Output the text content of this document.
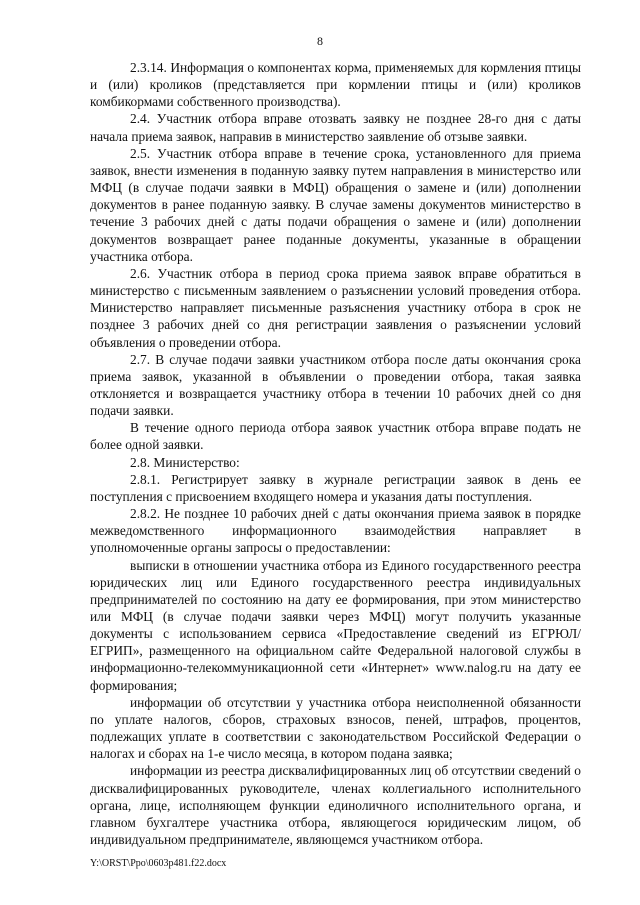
8

2.3.14. Информация о компонентах корма, применяемых для кормления птицы и (или) кроликов (представляется при кормлении птицы и (или) кроликов комбикормами собственного производства).

2.4. Участник отбора вправе отозвать заявку не позднее 28-го дня с даты начала приема заявок, направив в министерство заявление об отзыве заявки.

2.5. Участник отбора вправе в течение срока, установленного для приема заявок, внести изменения в поданную заявку путем направления в министерство или МФЦ (в случае подачи заявки в МФЦ) обращения о замене и (или) дополнении документов в ранее поданную заявку. В случае замены документов министерство в течение 3 рабочих дней с даты подачи обращения о замене и (или) дополнении документов возвращает ранее поданные документы, указанные в обращении участника отбора.

2.6. Участник отбора в период срока приема заявок вправе обратиться в министерство с письменным заявлением о разъяснении условий проведения отбора. Министерство направляет письменные разъяснения участнику отбора в срок не позднее 3 рабочих дней со дня регистрации заявления о разъяснении условий объявления о проведении отбора.

2.7. В случае подачи заявки участником отбора после даты окончания срока приема заявок, указанной в объявлении о проведении отбора, такая заявка отклоняется и возвращается участнику отбора в течении 10 рабочих дней со дня подачи заявки.

В течение одного периода отбора заявок участник отбора вправе подать не более одной заявки.

2.8. Министерство:

2.8.1. Регистрирует заявку в журнале регистрации заявок в день ее поступления с присвоением входящего номера и указания даты поступления.

2.8.2. Не позднее 10 рабочих дней с даты окончания приема заявок в порядке межведомственного информационного взаимодействия направляет в уполномоченные органы запросы о предоставлении:

выписки в отношении участника отбора из Единого государственного реестра юридических лиц или Единого государственного реестра индивидуальных предпринимателей по состоянию на дату ее формирования, при этом министерство или МФЦ (в случае подачи заявки через МФЦ) могут получить указанные документы с использованием сервиса «Предоставление сведений из ЕГРЮЛ/ЕГРИП», размещенного на официальном сайте Федеральной налоговой службы в информационно-телекоммуникационной сети «Интернет» www.nalog.ru на дату ее формирования;

информации об отсутствии у участника отбора неисполненной обязанности по уплате налогов, сборов, страховых взносов, пеней, штрафов, процентов, подлежащих уплате в соответствии с законодательством Российской Федерации о налогах и сборах на 1-е число месяца, в котором подана заявка;

информации из реестра дисквалифицированных лиц об отсутствии сведений о дисквалифицированных руководителе, членах коллегиального исполнительного органа, лице, исполняющем функции единоличного исполнительного органа, и главном бухгалтере участника отбора, являющегося юридическим лицом, об индивидуальном предпринимателе, являющемся участником отбора.

Y:\ORST\Ppo\0603p481.f22.docx
